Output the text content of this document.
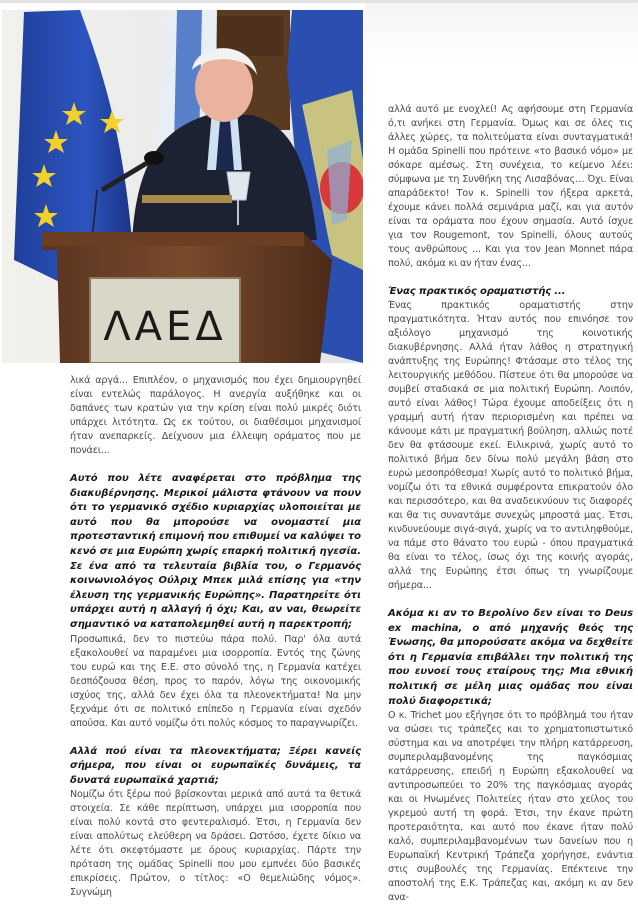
ΛΑΕΔ

λικά αργά... Επιπλέον, ο μηχανισμός που έχει δημιουργηθεί είναι εντελώς παράλογος. Η ανεργία αυξήθηκε και οι δαπάνες των κρατών για την κρίση είναι πολύ μικρές διότι υπάρχει λιτότητα. Ως εκ τούτου, οι διαθέσιμοι μηχανισμοί ήταν ανεπαρκείς. Δείχνουν μια έλλειψη οράματος που με πονάει...

Αυτό που λέτε αναφέρεται στο πρόβλημα της διακυβέρνησης. Μερικοί μάλιστα φτάνουν να πουν ότι το γερμανικό σχέδιο κυριαρχίας υλοποιείται με αυτό που θα μπορούσε να ονομαστεί μια προτεσταντική επιμονή που επιθυμεί να καλύψει το κενό σε μια Ευρώπη χωρίς επαρκή πολιτική ηγεσία. Σε ένα από τα τελευταία βιβλία του, ο Γερμανός κοινωνιολόγος Ούλριχ Μπεκ μιλά επίσης για «την έλευση της γερμανικής Ευρώπης». Παρατηρείτε ότι υπάρχει αυτή η αλλαγή ή όχι; Και, αν ναι, θεωρείτε σημαντικό να καταπολεμηθεί αυτή η παρεκτροπή;

Προσωπικά, δεν το πιστεύω πάρα πολύ. Παρ' όλα αυτά εξακολουθεί να παραμένει μια ισορροπία. Εντός της ζώνης του ευρώ και της Ε.Ε. στο σύνολό της, η Γερμανία κατέχει δεσπόζουσα θέση, προς το παρόν, λόγω της οικονομικής ισχύος της, αλλά δεν έχει όλα τα πλεονεκτήματα! Να μην ξεχνάμε ότι σε πολιτικό επίπεδο η Γερμανία είναι σχεδόν απούσα. Και αυτό νομίζω ότι πολύς κόσμος το παραγνωρίζει.

Αλλά πού είναι τα πλεονεκτήματα; Ξέρει κανείς σήμερα, που είναι οι ευρωπαϊκές δυνάμεις, τα δυνατά ευρωπαϊκά χαρτιά;

Νομίζω ότι ξέρω πού βρίσκονται μερικά από αυτά τα θετικά στοιχεία. Σε κάθε περίπτωση, υπάρχει μια ισορροπία που είναι πολύ κοντά στο φεντεραλισμό. Έτσι, η Γερμανία δεν είναι απολύτως ελεύθερη να δράσει. Ωστόσο, έχετε δίκιο να λέτε ότι σκεφτόμαστε με όρους κυριαρχίας. Πάρτε την πρόταση της ομάδας Spinelli που μου εμπνέει δύο βασικές επικρίσεις. Πρώτον, ο τίτλος: «Ο θεμελιώδης νόμος». Συγνώμη

αλλά αυτό με ενοχλεί! Ας αφήσουμε στη Γερμανία ό,τι ανήκει στη Γερμανία. Όμως και σε όλες τις άλλες χώρες, τα πολιτεύματα είναι συνταγματικά! Η ομάδα Spinelli που πρότεινε «το βασικό νόμο» με σόκαρε αμέσως. Στη συνέχεια, το κείμενο λέει: σύμφωνα με τη Συνθήκη της Λισαβόνας… Όχι. Είναι απαράδεκτο! Τον κ. Spinelli τον ήξερα αρκετά, έχουμε κάνει πολλά σεμινάρια μαζί, και για αυτόν είναι τα οράματα που έχουν σημασία. Αυτό ίσχυε για τον Rougemont, τον Spinelli, όλους αυτούς τους ανθρώπους ... Και για τον Jean Monnet πάρα πολύ, ακόμα κι αν ήταν ένας...

Ένας πρακτικός οραματιστής ...

Ένας πρακτικός οραματιστής στην πραγματικότητα. Ήταν αυτός που επινόησε τον αξιόλογο μηχανισμό της κοινοτικής διακυβέρνησης. Αλλά ήταν λάθος η στρατηγική ανάπτυξης της Ευρώπης! Φτάσαμε στο τέλος της λειτουργικής μεθόδου. Πίστευε ότι θα μπορούσε να συμβεί σταδιακά σε μια πολιτική Ευρώπη. Λοιπόν, αυτό είναι λάθος! Τώρα έχουμε αποδείξεις ότι η γραμμή αυτή ήταν περιορισμένη και πρέπει να κάνουμε κάτι με πραγματική βούληση, αλλιώς ποτέ δεν θα φτάσουμε εκεί. Ειλικρινά, χωρίς αυτό το πολιτικό βήμα δεν δίνω πολύ μεγάλη βάση στο ευρώ μεσοπρόθεσμα! Χωρίς αυτό το πολιτικό βήμα, νομίζω ότι τα εθνικά συμφέροντα επικρατούν όλο και περισσότερο, και θα αναδεικνύουν τις διαφορές και θα τις συναντάμε συνεχώς μπροστά μας. Έτσι, κινδυνεύουμε σιγά-σιγά, χωρίς να το αντιληφθούμε, να πάμε στο θάνατο του ευρώ - όπου πραγματικά θα είναι το τέλος, ίσως όχι της κοινής αγοράς, αλλά της Ευρώπης έτσι όπως τη γνωρίζουμε σήμερα...

Ακόμα κι αν το Βερολίνο δεν είναι το Deus ex machina, ο από μηχανής θεός της Ένωσης, θα μπορούσατε ακόμα να δεχθείτε ότι η Γερμανία επιβάλλει την πολιτική της που ευνοεί τους εταίρους της; Μια εθνική πολιτική σε μέλη μιας ομάδας που είναι πολύ διαφορετικά;

Ο κ. Trichet μου εξήγησε ότι το πρόβλημά του ήταν να σώσει τις τράπεζες και το χρηματοπιστωτικό σύστημα και να αποτρέψει την πλήρη κατάρρευση, συμπεριλαμβανομένης της παγκόσμιας κατάρρευσης, επειδή η Ευρώπη εξακολουθεί να αντιπροσωπεύει το 20% της παγκόσμιας αγοράς και οι Ηνωμένες Πολιτείες ήταν στο χείλος του γκρεμού αυτή τη φορά. Έτσι, την έκανε πρώτη προτεραιότητα, και αυτό που έκανε ήταν πολύ καλό, συμπεριλαμβανομένων των δανείων που η Ευρωπαϊκή Κεντρική Τράπεζα χορήγησε, ενάντια στις συμβουλές της Γερμανίας. Επέκτεινε την αποστολή της Ε.Κ. Τράπεζας και, ακόμη κι αν δεν ανα-
